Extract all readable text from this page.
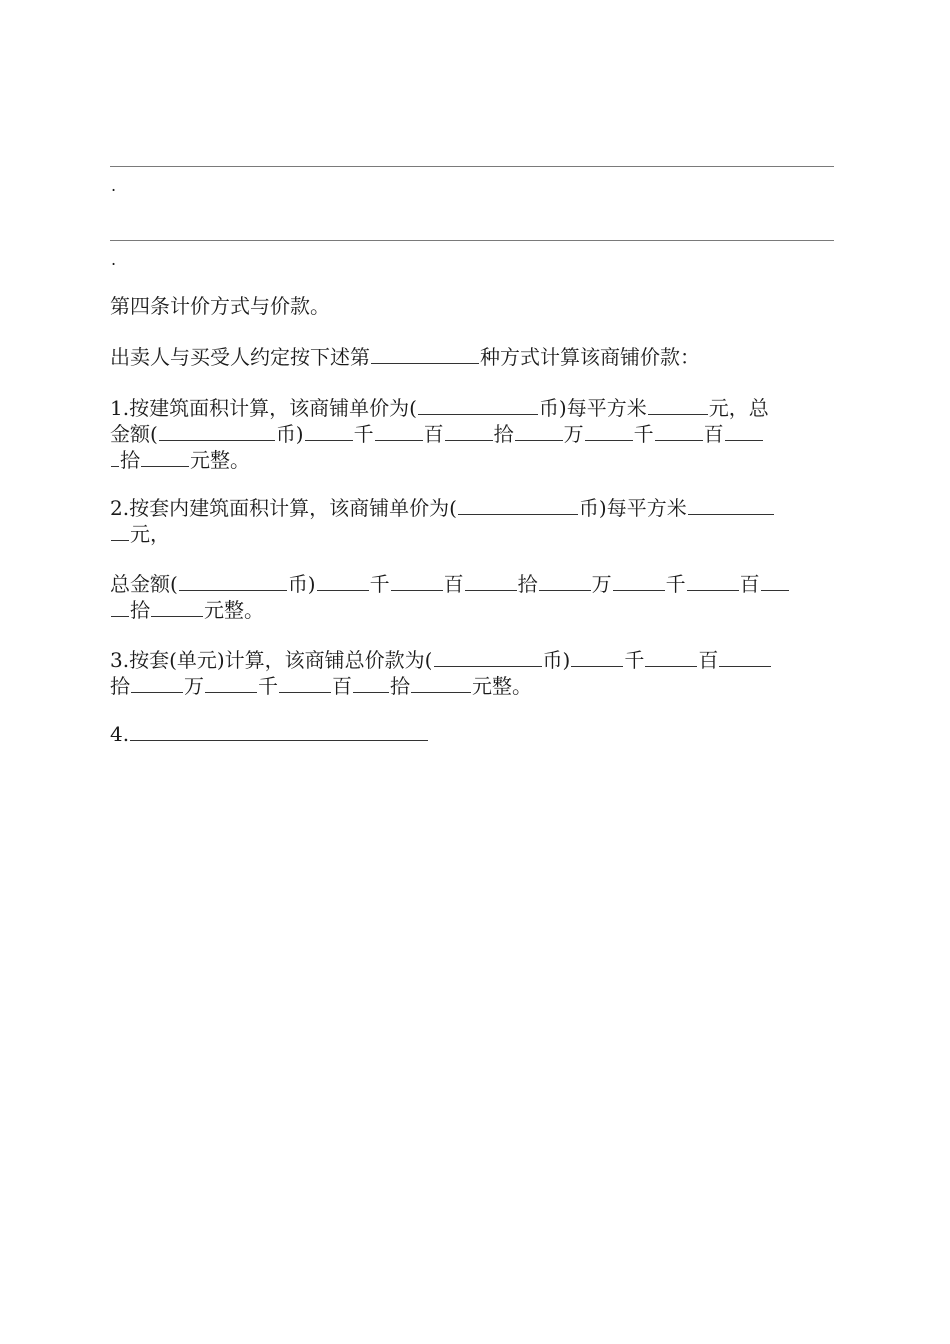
.
.
第四条计价方式与价款。
出卖人与买受人约定按下述第	种方式计算该商铺价款：
1.按建筑面积计算，该商铺单价为(	币)每平方米	元，总
金额(	币)	千	百	拾	万	千	百
拾	元整。
2.按套内建筑面积计算，该商铺单价为(	币)每平方米
元，
总金额(	币)	千	百	拾	万	千	百
拾	元整。
3.按套(单元)计算，该商铺总价款为(	币)	千	百
拾	万	千	百 拾	元整。
4.
